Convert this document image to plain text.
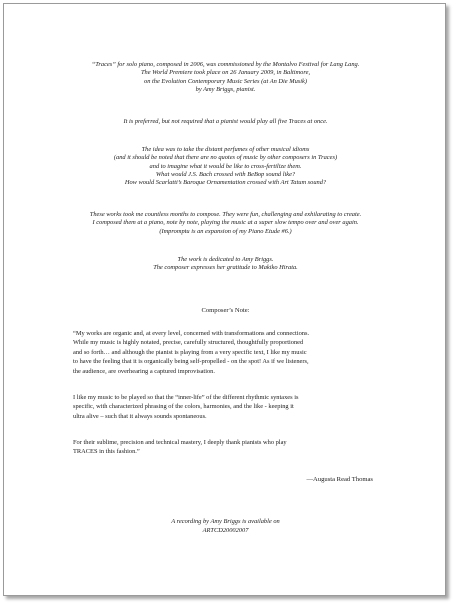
“Traces” for solo piano, composed in 2006, was commissioned by the Montalvo Festival for Lang Lang.

The World Premiere took place on 26 January 2009, in Baltimore,

on the Evolution Contemporary Music Series (at An Die Musik)

by Amy Briggs, pianist.

It is preferred, but not required that a pianist would play all five Traces at once.

The idea was to take the distant perfumes of other musical idioms

(and it should be noted that there are no quotes of music by other composers in Traces)

and to imagine what it would be like to cross-fertilize them.

What would J.S. Bach crossed with BeBop sound like?

How would Scarlatti’s Baroque Ornamentation crossed with Art Tatum sound?

These works took me countless months to compose. They were fun, challenging and exhilarating to create.

I composed them at a piano, note by note, playing the music at a super slow tempo over and over again.

(Impromptu is an expansion of my Piano Etude #6.)

The work is dedicated to Amy Briggs.

The composer expresses her gratitude to Makiko Hirata.

Composer’s Note:

“My works are organic and, at every level, concerned with transformations and connections.

While my music is highly notated, precise, carefully structured, thoughtfully proportioned

and so forth… and although the pianist is playing from a very specific text, I like my music

to have the feeling that it is organically being self-propelled - on the spot! As if we listeners,

the audience, are overhearing a captured improvisation.

I like my music to be played so that the “inner-life” of the different rhythmic syntaxes is

specific, with characterized phrasing of the colors, harmonies, and the like - keeping it

ultra alive – such that it always sounds spontaneous.

For their sublime, precision and technical mastery, I deeply thank pianists who play

TRACES in this fashion.”

—Augusta Read Thomas

A recording by Amy Briggs is available on

ARTCD20002007
